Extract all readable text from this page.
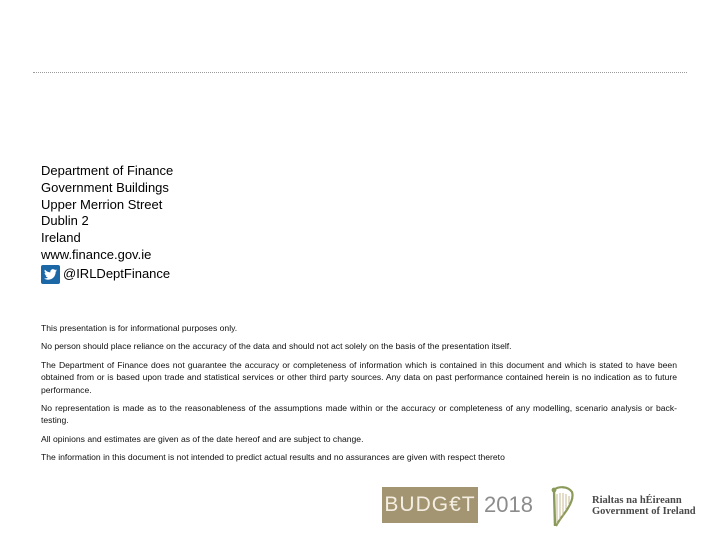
Department of Finance
Government Buildings
Upper Merrion Street
Dublin 2
Ireland
www.finance.gov.ie
@IRLDeptFinance

This presentation is for informational purposes only.

No person should place reliance on the accuracy of the data and should not act solely on the basis of the presentation itself.

The Department of Finance does not guarantee the accuracy or completeness of information which is contained in this document and which is stated to have been obtained from or is based upon trade and statistical services or other third party sources. Any data on past performance contained herein is no indication as to future performance.

No representation is made as to the reasonableness of the assumptions made within or the accuracy or completeness of any modelling, scenario analysis or back-testing.

All opinions and estimates are given as of the date hereof and are subject to change.

The information in this document is not intended to predict actual results and no assurances are given with respect thereto

BUDG€T 2018	Rialtas na hÉireann
Government of Ireland
